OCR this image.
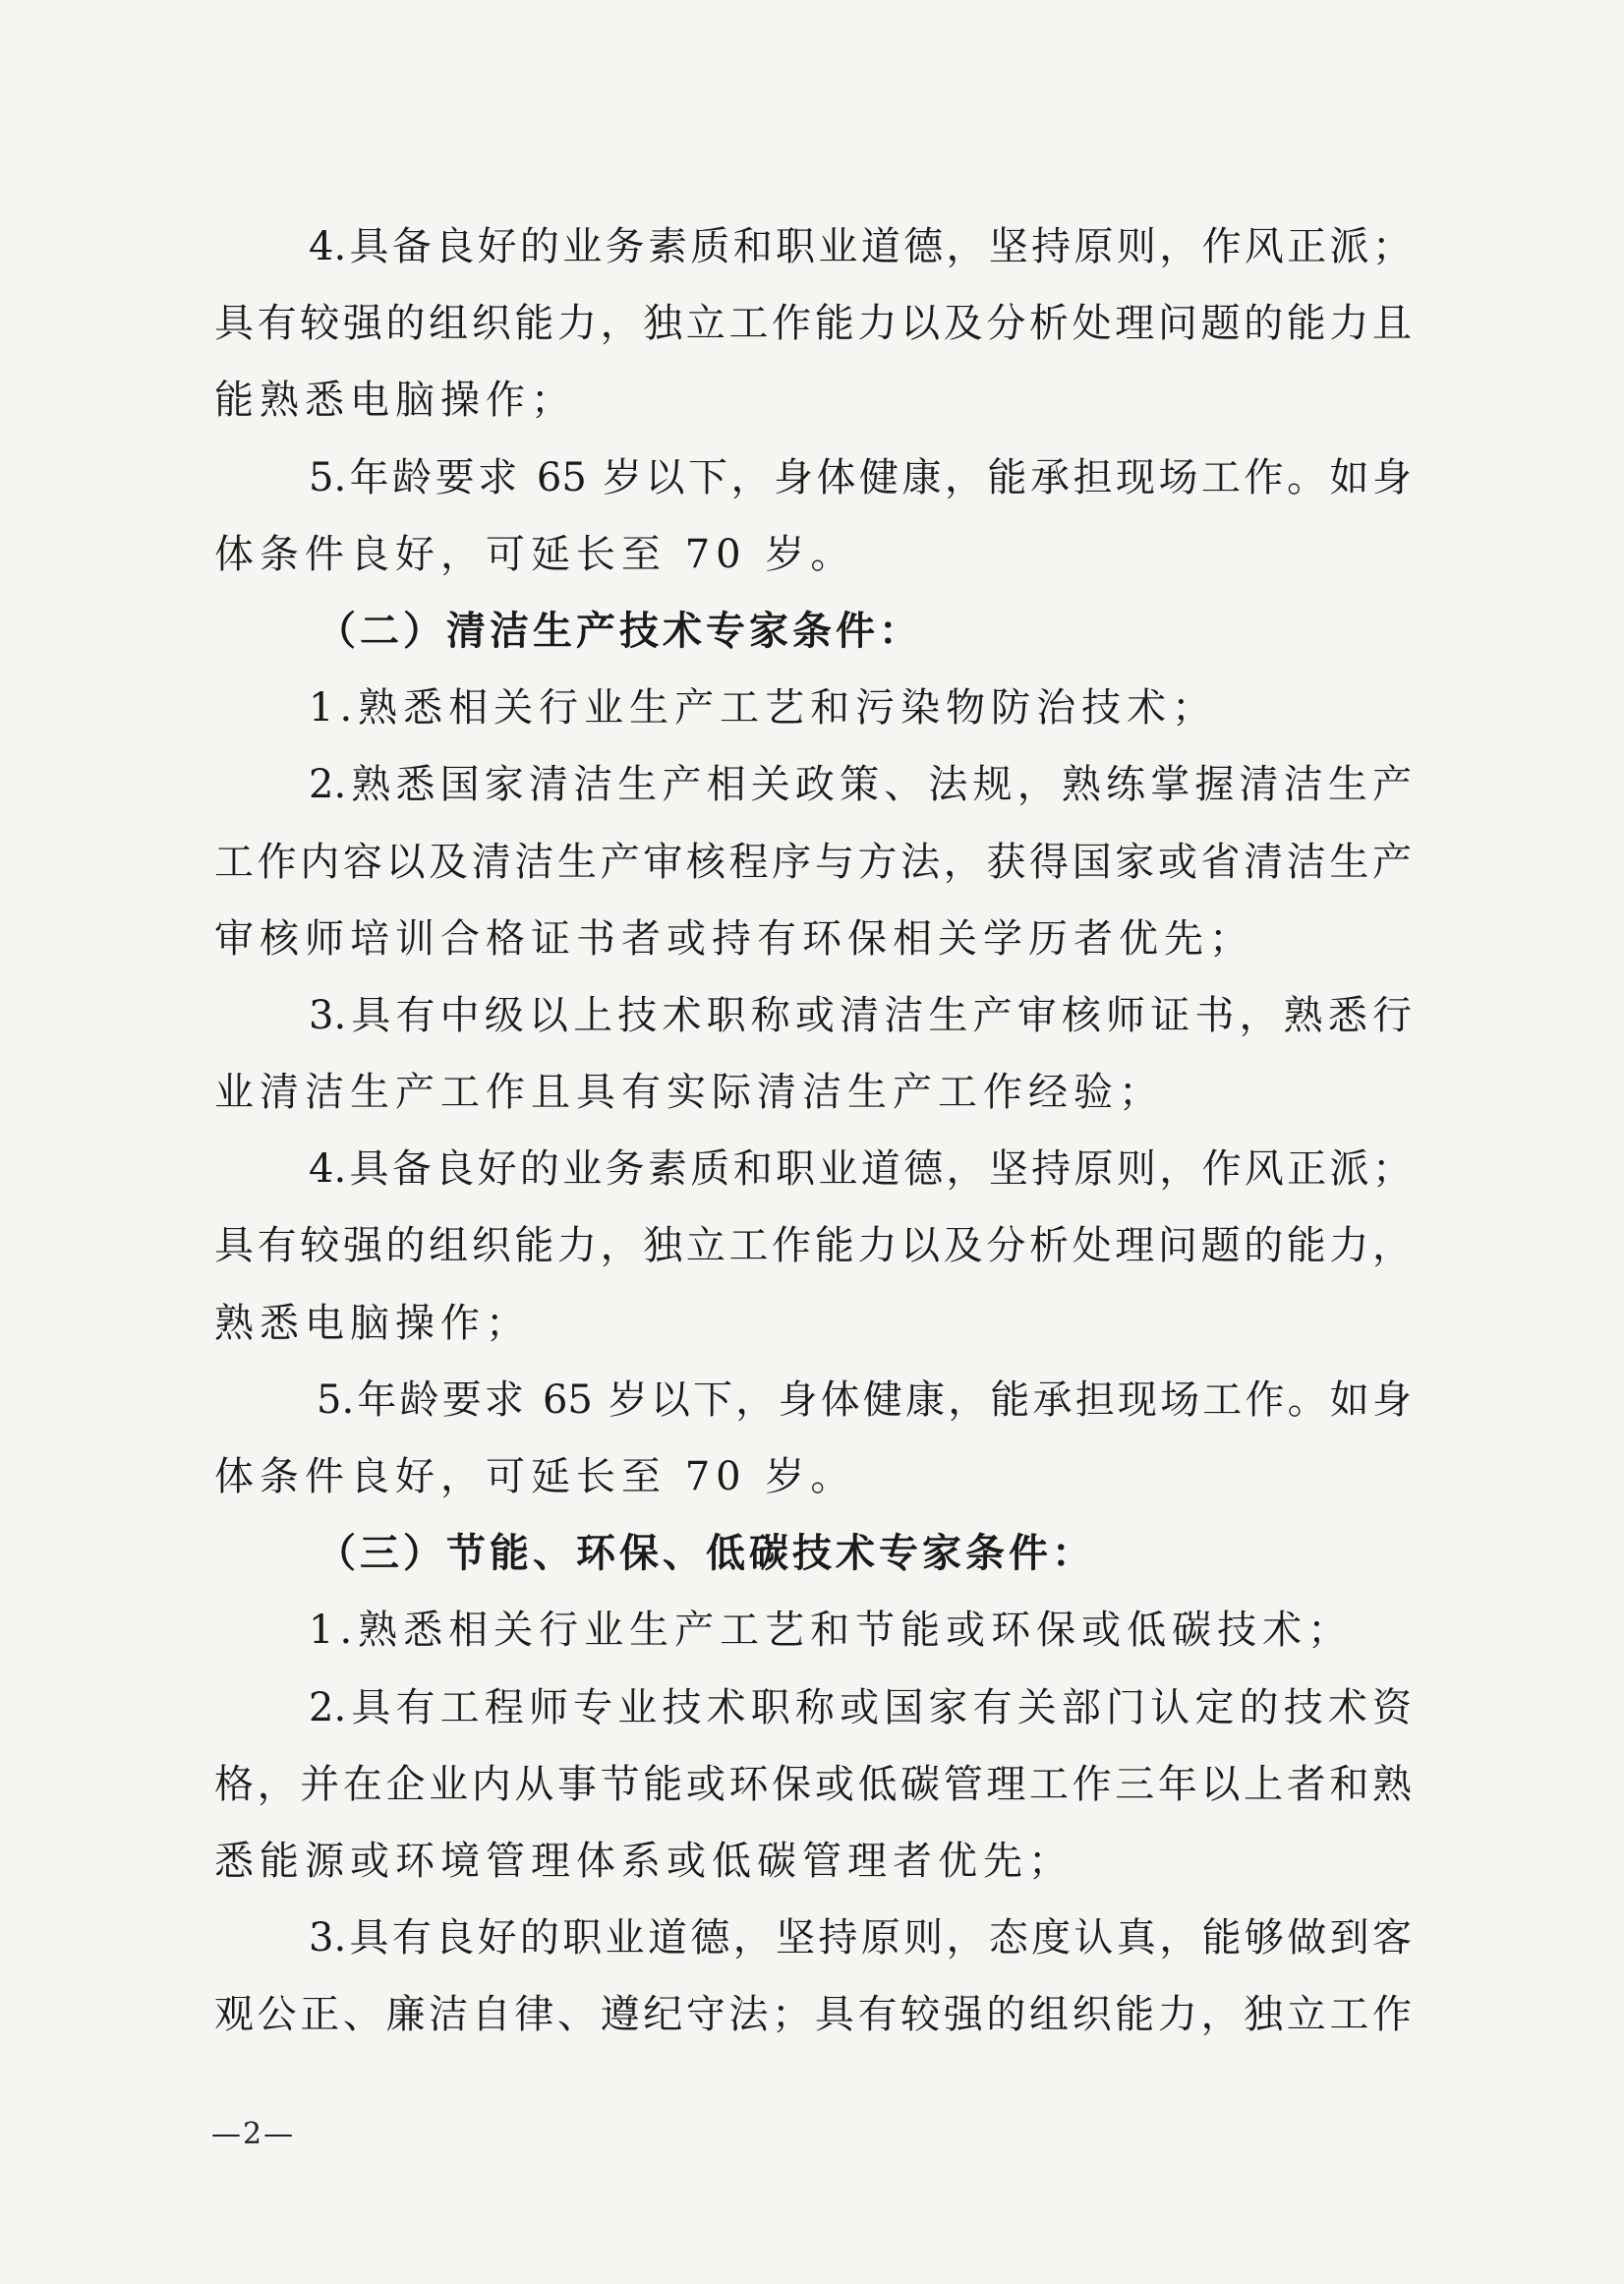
4.具备良好的业务素质和职业道德，坚持原则，作风正派；
具有较强的组织能力，独立工作能力以及分析处理问题的能力且
能熟悉电脑操作；
5.年龄要求 65 岁以下，身体健康，能承担现场工作。如身
体条件良好，可延长至 70 岁。
（二）清洁生产技术专家条件：
1.熟悉相关行业生产工艺和污染物防治技术；
2.熟悉国家清洁生产相关政策、法规，熟练掌握清洁生产
工作内容以及清洁生产审核程序与方法，获得国家或省清洁生产
审核师培训合格证书者或持有环保相关学历者优先；
3.具有中级以上技术职称或清洁生产审核师证书，熟悉行
业清洁生产工作且具有实际清洁生产工作经验；
4.具备良好的业务素质和职业道德，坚持原则，作风正派；
具有较强的组织能力，独立工作能力以及分析处理问题的能力，
熟悉电脑操作；
5.年龄要求 65 岁以下，身体健康，能承担现场工作。如身
体条件良好，可延长至 70 岁。
（三）节能、环保、低碳技术专家条件：
1.熟悉相关行业生产工艺和节能或环保或低碳技术；
2.具有工程师专业技术职称或国家有关部门认定的技术资
格，并在企业内从事节能或环保或低碳管理工作三年以上者和熟
悉能源或环境管理体系或低碳管理者优先；
3.具有良好的职业道德，坚持原则，态度认真，能够做到客
观公正、廉洁自律、遵纪守法；具有较强的组织能力，独立工作
—2—
